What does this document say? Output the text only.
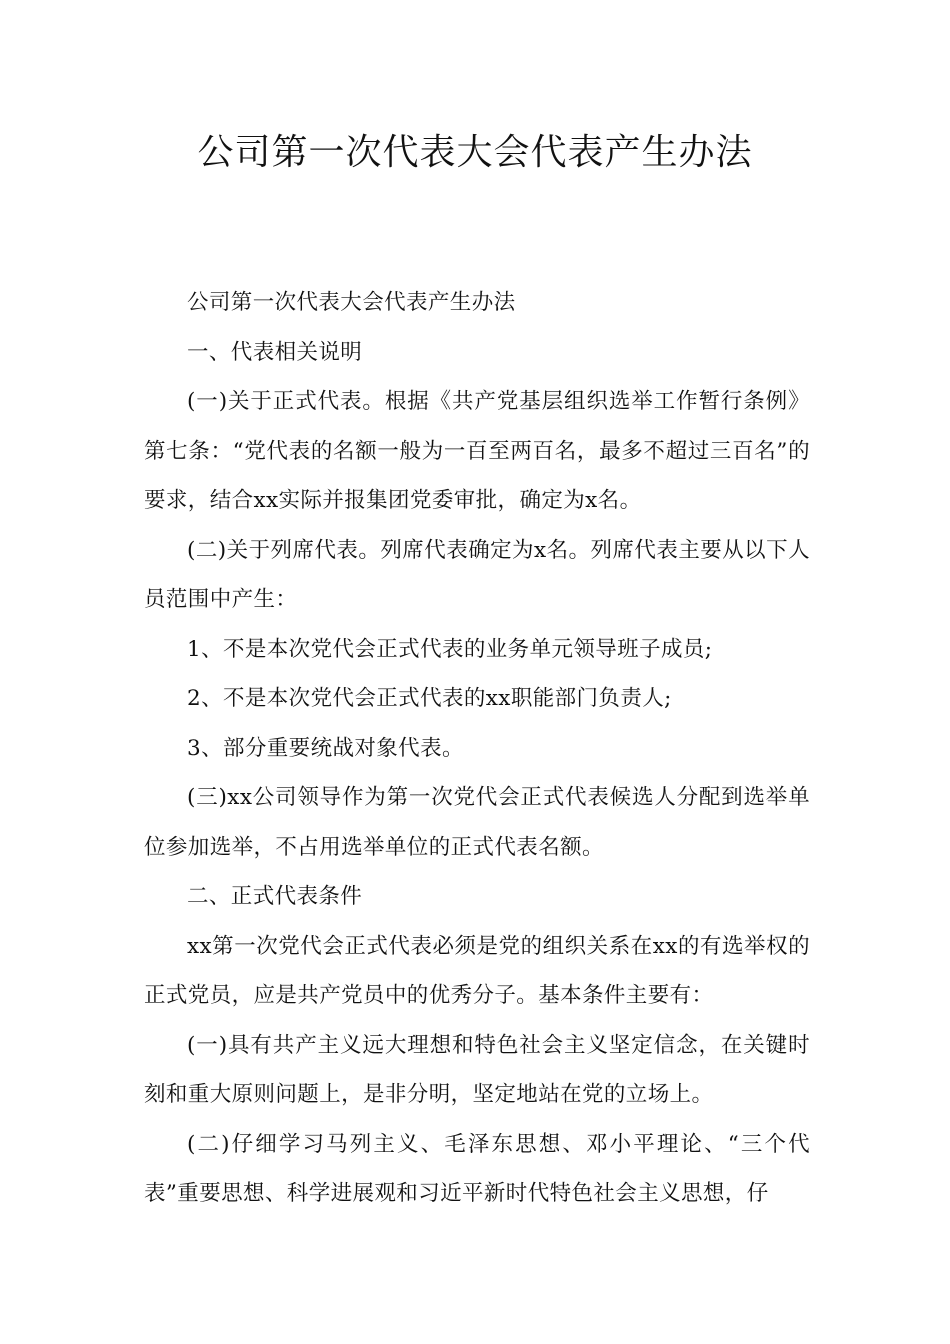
公司第一次代表大会代表产生办法

公司第一次代表大会代表产生办法

一、代表相关说明

(一)关于正式代表。根据《共产党基层组织选举工作暂行条例》第七条：“党代表的名额一般为一百至两百名，最多不超过三百名”的要求，结合xx实际并报集团党委审批，确定为x名。

(二)关于列席代表。列席代表确定为x名。列席代表主要从以下人员范围中产生：

1、不是本次党代会正式代表的业务单元领导班子成员;

2、不是本次党代会正式代表的xx职能部门负责人;

3、部分重要统战对象代表。

(三)xx公司领导作为第一次党代会正式代表候选人分配到选举单位参加选举，不占用选举单位的正式代表名额。

二、正式代表条件

xx第一次党代会正式代表必须是党的组织关系在xx的有选举权的正式党员，应是共产党员中的优秀分子。基本条件主要有：

(一)具有共产主义远大理想和特色社会主义坚定信念，在关键时刻和重大原则问题上，是非分明，坚定地站在党的立场上。

(二)仔细学习马列主义、毛泽东思想、邓小平理论、“三个代表”重要思想、科学进展观和习近平新时代特色社会主义思想，仔
